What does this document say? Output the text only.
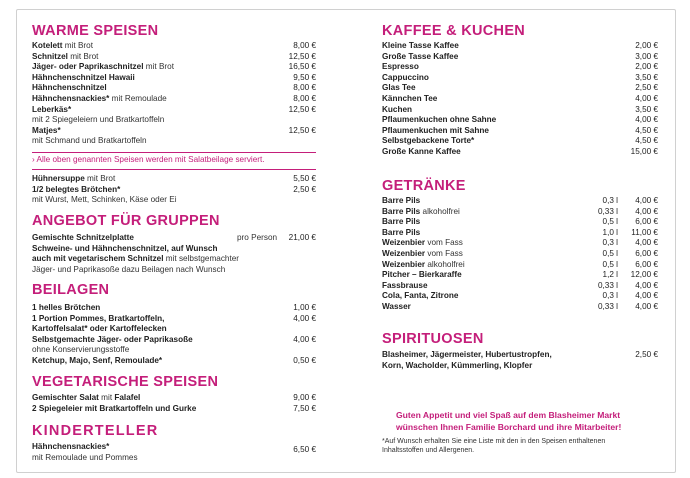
WARME SPEISEN
Kotelett mit Brot	8,00 €
Schnitzel mit Brot	12,50 €
Jäger- oder Paprikaschnitzel mit Brot	16,50 €
Hähnchenschnitzel Hawaii	9,50 €
Hähnchenschnitzel	8,00 €
Hähnchensnackies* mit Remoulade	8,00 €
Leberkäs*	12,50 €
mit 2 Spiegeleiern und Bratkartoffeln
Matjes*	12,50 €
mit Schmand und Bratkartoffeln
› Alle oben genannten Speisen werden mit Salatbeilage serviert.
Hühnersuppe mit Brot	5,50 €
1/2 belegtes Brötchen*	2,50 €
mit Wurst, Mett, Schinken, Käse oder Ei
ANGEBOT FÜR GRUPPEN
Gemischte Schnitzelplatte	pro Person 21,00 €
Schweine- und Hähnchenschnitzel, auf Wunsch
auch mit vegetarischem Schnitzel mit selbstgemachter
Jäger- und Paprikasoße dazu Beilagen nach Wunsch
BEILAGEN
1 helles Brötchen	1,00 €
1 Portion Pommes, Bratkartoffeln,	4,00 €
Kartoffelsalat* oder Kartoffelecken
Selbstgemachte Jäger- oder Paprikasoße	4,00 €
ohne Konservierungsstoffe
Ketchup, Majo, Senf, Remoulade*	0,50 €
VEGETARISCHE SPEISEN
Gemischter Salat mit Falafel	9,00 €
2 Spiegeleier mit Bratkartoffeln und Gurke	7,50 €
KINDERTELLER
Hähnchensnackies*	6,50 €
mit Remoulade und Pommes
KAFFEE & KUCHEN
Kleine Tasse Kaffee	2,00 €
Große Tasse Kaffee	3,00 €
Espresso	2,00 €
Cappuccino	3,50 €
Glas Tee	2,50 €
Kännchen Tee	4,00 €
Kuchen	3,50 €
Pflaumenkuchen ohne Sahne	4,00 €
Pflaumenkuchen mit Sahne	4,50 €
Selbstgebackene Torte*	4,50 €
Große Kanne Kaffee	15,00 €
GETRÄNKE
Barre Pils	0,3 l 4,00 €
Barre Pils alkoholfrei	0,33 l 4,00 €
Barre Pils	0,5 l 6,00 €
Barre Pils	1,0 l 11,00 €
Weizenbier vom Fass	0,3 l 4,00 €
Weizenbier vom Fass	0,5 l 6,00 €
Weizenbier alkoholfrei	0,5 l 6,00 €
Pitcher – Bierkaraffe	1,2 l 12,00 €
Fassbrause	0,33 l 4,00 €
Cola, Fanta, Zitrone	0,3 l 4,00 €
Wasser	0,33 l 4,00 €
SPIRITUOSEN
Blasheimer, Jägermeister, Hubertustropfen,	2,50 €
Korn, Wacholder, Kümmerling, Klopfer
Guten Appetit und viel Spaß auf dem Blasheimer Markt
wünschen Ihnen Familie Borchard und ihre Mitarbeiter!
*Auf Wunsch erhalten Sie eine Liste mit den in den Speisen enthaltenen
Inhaltsstoffen und Allergenen.
